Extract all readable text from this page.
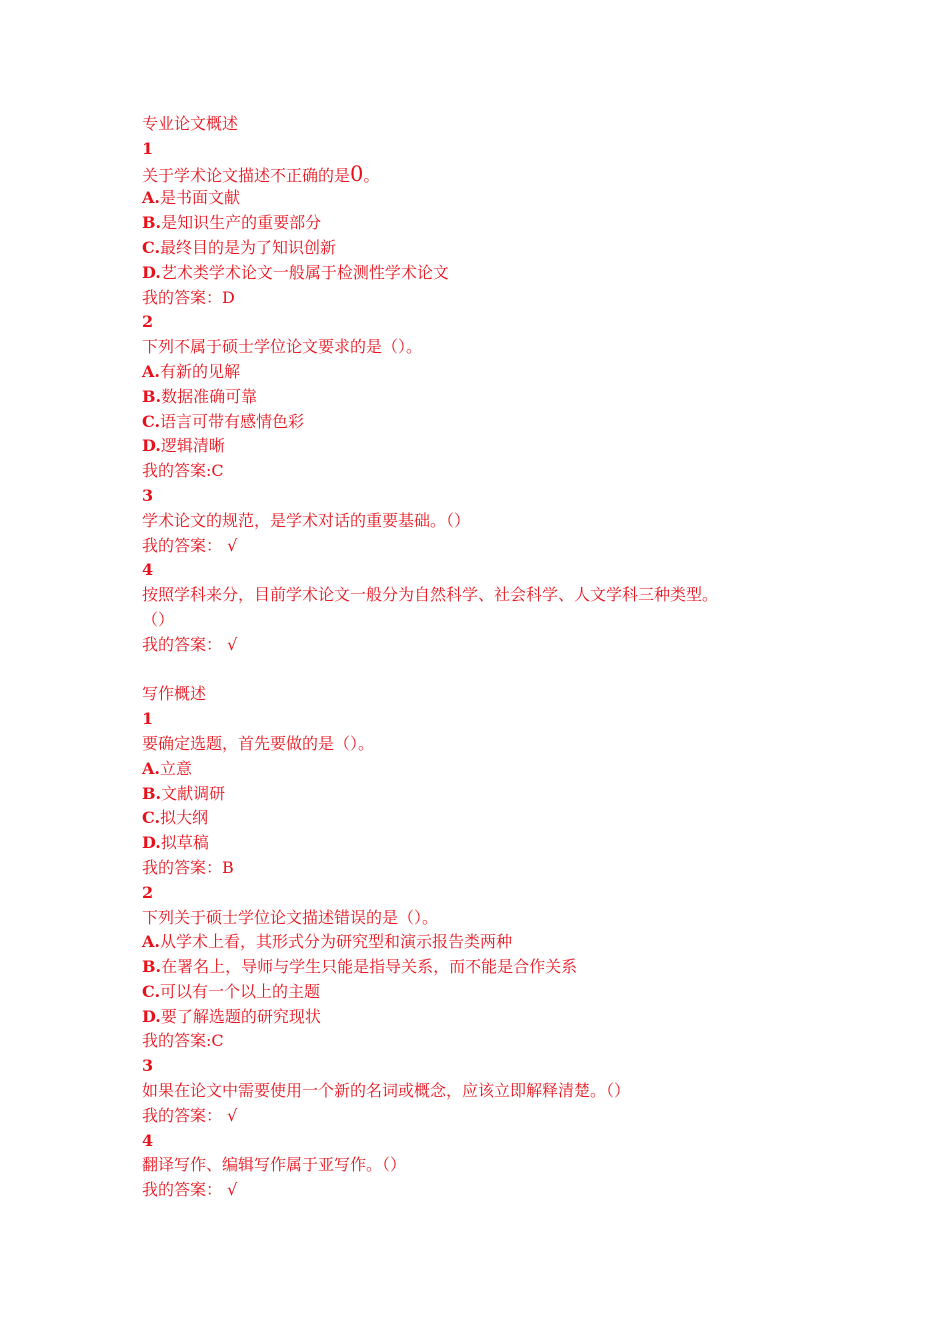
专业论文概述
1
关于学术论文描述不正确的是0。
A.是书面文献
B.是知识生产的重要部分
C.最终目的是为了知识创新
D.艺术类学术论文一般属于检测性学术论文
我的答案：D
2
下列不属于硕士学位论文要求的是（）。
A.有新的见解
B.数据准确可靠
C.语言可带有感情色彩
D.逻辑清晰
我的答案:C
3
学术论文的规范，是学术对话的重要基础。（）
我的答案： √
4
按照学科来分，目前学术论文一般分为自然科学、社会科学、人文学科三种类型。
（）
我的答案： √
写作概述
1
要确定选题，首先要做的是（）。
A.立意
B.文献调研
C.拟大纲
D.拟草稿
我的答案：B
2
下列关于硕士学位论文描述错误的是（）。
A.从学术上看，其形式分为研究型和演示报告类两种
B.在署名上，导师与学生只能是指导关系，而不能是合作关系
C.可以有一个以上的主题
D.要了解选题的研究现状
我的答案:C
3
如果在论文中需要使用一个新的名词或概念，应该立即解释清楚。（）
我的答案： √
4
翻译写作、编辑写作属于亚写作。（）
我的答案： √
